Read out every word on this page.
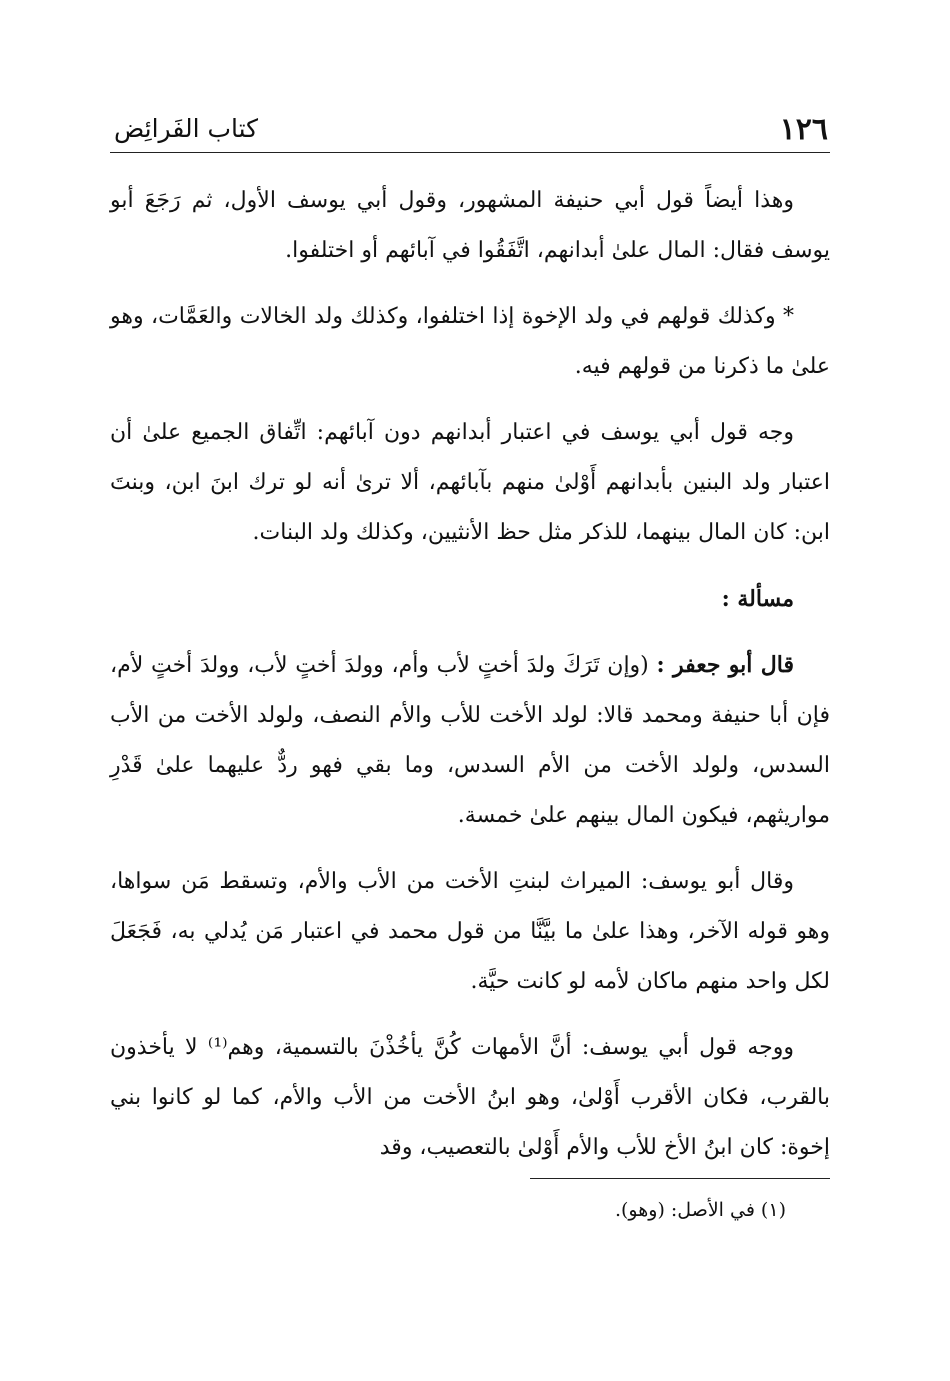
١٢٦
كتاب الفَرائِض

وهذا أيضاً قول أبي حنيفة المشهور، وقول أبي يوسف الأول، ثم رَجَعَ أبو يوسف فقال: المال علىٰ أبدانهم، اتَّفَقُوا في آبائهم أو اختلفوا.

* وكذلك قولهم في ولد الإخوة إذا اختلفوا، وكذلك ولد الخالات والعَمَّات، وهو علىٰ ما ذكرنا من قولهم فيه.

وجه قول أبي يوسف في اعتبار أبدانهم دون آبائهم: اتِّفاق الجميع علىٰ أن اعتبار ولد البنين بأبدانهم أَوْلىٰ منهم بآبائهم، ألا ترىٰ أنه لو ترك ابنَ ابن، وبنتَ ابن: كان المال بينهما، للذكر مثل حظ الأنثيين، وكذلك ولد البنات.

مسألة :

قال أبو جعفر : (وإن تَرَكَ ولدَ أختٍ لأب وأم، وولدَ أختٍ لأب، وولدَ أختٍ لأم، فإن أبا حنيفة ومحمد قالا: لولد الأخت للأب والأم النصف، ولولد الأخت من الأب السدس، ولولد الأخت من الأم السدس، وما بقي فهو ردٌّ عليهما علىٰ قَدْرِ مواريثهم، فيكون المال بينهم علىٰ خمسة.

وقال أبو يوسف: الميراث لبنتِ الأخت من الأب والأم، وتسقط مَن سواها، وهو قوله الآخر، وهذا علىٰ ما بيَّنَّا من قول محمد في اعتبار مَن يُدلي به، فَجَعَلَ لكل واحد منهم ماكان لأمه لو كانت حيَّة.

ووجه قول أبي يوسف: أنَّ الأمهات كُنَّ يأخُذْنَ بالتسمية، وهم⁽¹⁾ لا يأخذون بالقرب، فكان الأقرب أَوْلىٰ، وهو ابنُ الأخت من الأب والأم، كما لو كانوا بني إخوة: كان ابنُ الأخ للأب والأم أَوْلىٰ بالتعصيب، وقد

(١) في الأصل: (وهو).
